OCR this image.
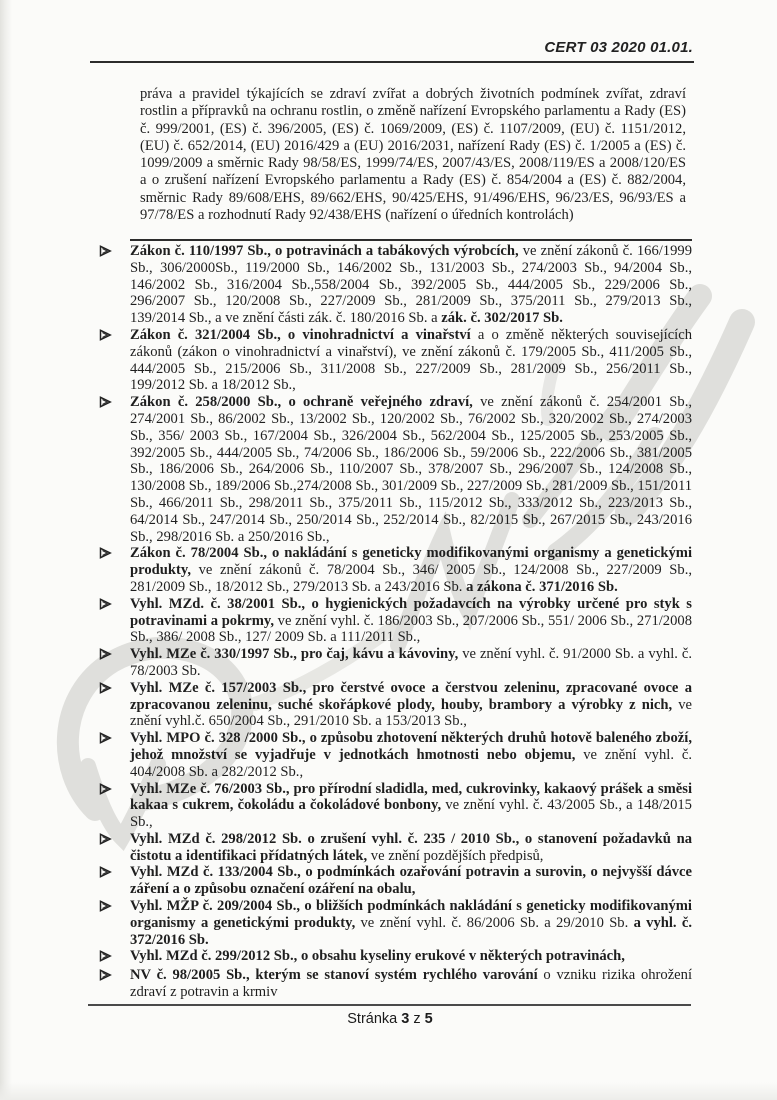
CERT 03 2020 01.01.
práva a pravidel týkajících se zdraví zvířat a dobrých životních podmínek zvířat, zdraví rostlin a přípravků na ochranu rostlin, o změně nařízení Evropského parlamentu a Rady (ES) č. 999/2001, (ES) č. 396/2005, (ES) č. 1069/2009, (ES) č. 1107/2009, (EU) č. 1151/2012, (EU) č. 652/2014, (EU) 2016/429 a (EU) 2016/2031, nařízení Rady (ES) č. 1/2005 a (ES) č. 1099/2009 a směrnic Rady 98/58/ES, 1999/74/ES, 2007/43/ES, 2008/119/ES a 2008/120/ES a o zrušení nařízení Evropského parlamentu a Rady (ES) č. 854/2004 a (ES) č. 882/2004, směrnic Rady 89/608/EHS, 89/662/EHS, 90/425/EHS, 91/496/EHS, 96/23/ES, 96/93/ES a 97/78/ES a rozhodnutí Rady 92/438/EHS (nařízení o úředních kontrolách)
Zákon č. 110/1997 Sb., o potravinách a tabákových výrobcích, ve znění zákonů č. 166/1999 Sb., 306/2000Sb., 119/2000 Sb., 146/2002 Sb., 131/2003 Sb., 274/2003 Sb., 94/2004 Sb., 146/2002 Sb., 316/2004 Sb.,558/2004 Sb., 392/2005 Sb., 444/2005 Sb., 229/2006 Sb., 296/2007 Sb., 120/2008 Sb., 227/2009 Sb., 281/2009 Sb., 375/2011 Sb., 279/2013 Sb., 139/2014 Sb., a ve znění části zák. č. 180/2016 Sb. a zák. č. 302/2017 Sb.
Zákon č. 321/2004 Sb., o vinohradnictví a vinařství a o změně některých souvisejících zákonů (zákon o vinohradnictví a vinařství), ve znění zákonů č. 179/2005 Sb., 411/2005 Sb., 444/2005 Sb., 215/2006 Sb., 311/2008 Sb., 227/2009 Sb., 281/2009 Sb., 256/2011 Sb., 199/2012 Sb. a 18/2012 Sb.,
Zákon č. 258/2000 Sb., o ochraně veřejného zdraví, ve znění zákonů č. 254/2001 Sb., 274/2001 Sb., 86/2002 Sb., 13/2002 Sb., 120/2002 Sb., 76/2002 Sb., 320/2002 Sb., 274/2003 Sb., 356/ 2003 Sb., 167/2004 Sb., 326/2004 Sb., 562/2004 Sb., 125/2005 Sb., 253/2005 Sb., 392/2005 Sb., 444/2005 Sb., 74/2006 Sb., 186/2006 Sb., 59/2006 Sb., 222/2006 Sb., 381/2005 Sb., 186/2006 Sb., 264/2006 Sb., 110/2007 Sb., 378/2007 Sb., 296/2007 Sb., 124/2008 Sb., 130/2008 Sb., 189/2006 Sb.,274/2008 Sb., 301/2009 Sb., 227/2009 Sb., 281/2009 Sb., 151/2011 Sb., 466/2011 Sb., 298/2011 Sb., 375/2011 Sb., 115/2012 Sb., 333/2012 Sb., 223/2013 Sb., 64/2014 Sb., 247/2014 Sb., 250/2014 Sb., 252/2014 Sb., 82/2015 Sb., 267/2015 Sb., 243/2016 Sb., 298/2016 Sb. a 250/2016 Sb.,
Zákon č. 78/2004 Sb., o nakládání s geneticky modifikovanými organismy a genetickými produkty, ve znění zákonů č. 78/2004 Sb., 346/ 2005 Sb., 124/2008 Sb., 227/2009 Sb., 281/2009 Sb., 18/2012 Sb., 279/2013 Sb. a 243/2016 Sb. a zákona č. 371/2016 Sb.
Vyhl. MZd. č. 38/2001 Sb., o hygienických požadavcích na výrobky určené pro styk s potravinami a pokrmy, ve znění vyhl. č. 186/2003 Sb., 207/2006 Sb., 551/ 2006 Sb., 271/2008 Sb., 386/ 2008 Sb., 127/ 2009 Sb. a 111/2011 Sb.,
Vyhl. MZe č. 330/1997 Sb., pro čaj, kávu a kávoviny, ve znění vyhl. č. 91/2000 Sb. a vyhl. č. 78/2003 Sb.
Vyhl. MZe č. 157/2003 Sb., pro čerstvé ovoce a čerstvou zeleninu, zpracované ovoce a zpracovanou zeleninu, suché skořápkové plody, houby, brambory a výrobky z nich, ve znění vyhl.č. 650/2004 Sb., 291/2010 Sb. a 153/2013 Sb.,
Vyhl. MPO č. 328 /2000 Sb., o způsobu zhotovení některých druhů hotově baleného zboží, jehož množství se vyjadřuje v jednotkách hmotnosti nebo objemu, ve znění vyhl. č. 404/2008 Sb. a 282/2012 Sb.,
Vyhl. MZe č. 76/2003 Sb., pro přírodní sladidla, med, cukrovinky, kakaový prášek a směsi kakaa s cukrem, čokoládu a čokoládové bonbony, ve znění vyhl. č. 43/2005 Sb., a 148/2015 Sb.,
Vyhl. MZd č. 298/2012 Sb. o zrušení vyhl. č. 235 / 2010 Sb., o stanovení požadavků na čistotu a identifikaci přídatných látek, ve znění pozdějších předpisů,
Vyhl. MZd č. 133/2004 Sb., o podmínkách ozařování potravin a surovin, o nejvyšší dávce záření a o způsobu označení ozáření na obalu,
Vyhl. MŽP č. 209/2004 Sb., o bližších podmínkách nakládání s geneticky modifikovanými organismy a genetickými produkty, ve znění vyhl. č. 86/2006 Sb. a 29/2010 Sb. a vyhl. č. 372/2016 Sb.
Vyhl. MZd č. 299/2012 Sb., o obsahu kyseliny erukové v některých potravinách,
NV č. 98/2005 Sb., kterým se stanoví systém rychlého varování o vzniku rizika ohrožení zdraví z potravin a krmiv
Stránka 3 z 5
